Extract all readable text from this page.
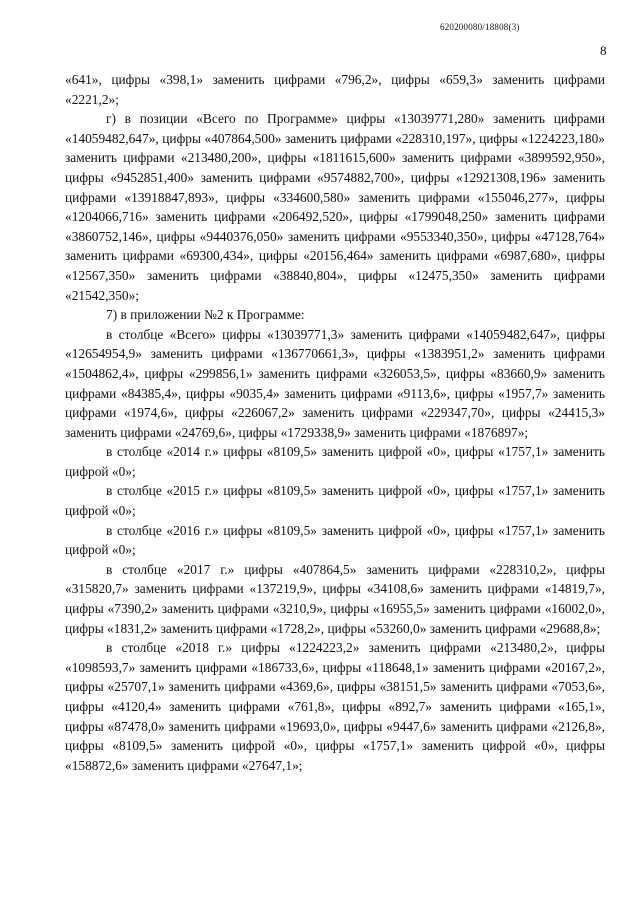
620200080/18808(3)
8

«641», цифры «398,1» заменить цифрами «796,2», цифры «659,3» заменить цифрами «2221,2»;

г) в позиции «Всего по Программе» цифры «13039771,280» заменить цифрами «14059482,647», цифры «407864,500» заменить цифрами «228310,197», цифры «1224223,180» заменить цифрами «213480,200», цифры «1811615,600» заменить цифрами «3899592,950», цифры «9452851,400» заменить цифрами «9574882,700», цифры «12921308,196» заменить цифрами «13918847,893», цифры «334600,580» заменить цифрами «155046,277», цифры «1204066,716» заменить цифрами «206492,520», цифры «1799048,250» заменить цифрами «3860752,146», цифры «9440376,050» заменить цифрами «9553340,350», цифры «47128,764» заменить цифрами «69300,434», цифры «20156,464» заменить цифрами «6987,680», цифры «12567,350» заменить цифрами «38840,804», цифры «12475,350» заменить цифрами «21542,350»;

7) в приложении №2 к Программе:

в столбце «Всего» цифры «13039771,3» заменить цифрами «14059482,647», цифры «12654954,9» заменить цифрами «136770661,3», цифры «1383951,2» заменить цифрами «1504862,4», цифры «299856,1» заменить цифрами «326053,5», цифры «83660,9» заменить цифрами «84385,4», цифры «9035,4» заменить цифрами «9113,6», цифры «1957,7» заменить цифрами «1974,6», цифры «226067,2» заменить цифрами «229347,70», цифры «24415,3» заменить цифрами «24769,6», цифры «1729338,9» заменить цифрами «1876897»;

в столбце «2014 г.» цифры «8109,5» заменить цифрой «0», цифры «1757,1» заменить цифрой «0»;

в столбце «2015 г.» цифры «8109,5» заменить цифрой «0», цифры «1757,1» заменить цифрой «0»;

в столбце «2016 г.» цифры «8109,5» заменить цифрой «0», цифры «1757,1» заменить цифрой «0»;

в столбце «2017 г.» цифры «407864,5» заменить цифрами «228310,2», цифры «315820,7» заменить цифрами «137219,9», цифры «34108,6» заменить цифрами «14819,7», цифры «7390,2» заменить цифрами «3210,9», цифры «16955,5» заменить цифрами «16002,0», цифры «1831,2» заменить цифрами «1728,2», цифры «53260,0» заменить цифрами «29688,8»;

в столбце «2018 г.» цифры «1224223,2» заменить цифрами «213480,2», цифры «1098593,7» заменить цифрами «186733,6», цифры «118648,1» заменить цифрами «20167,2», цифры «25707,1» заменить цифрами «4369,6», цифры «38151,5» заменить цифрами «7053,6», цифры «4120,4» заменить цифрами «761,8», цифры «892,7» заменить цифрами «165,1», цифры «87478,0» заменить цифрами «19693,0», цифры «9447,6» заменить цифрами «2126,8», цифры «8109,5» заменить цифрой «0», цифры «1757,1» заменить цифрой «0», цифры «158872,6» заменить цифрами «27647,1»;
